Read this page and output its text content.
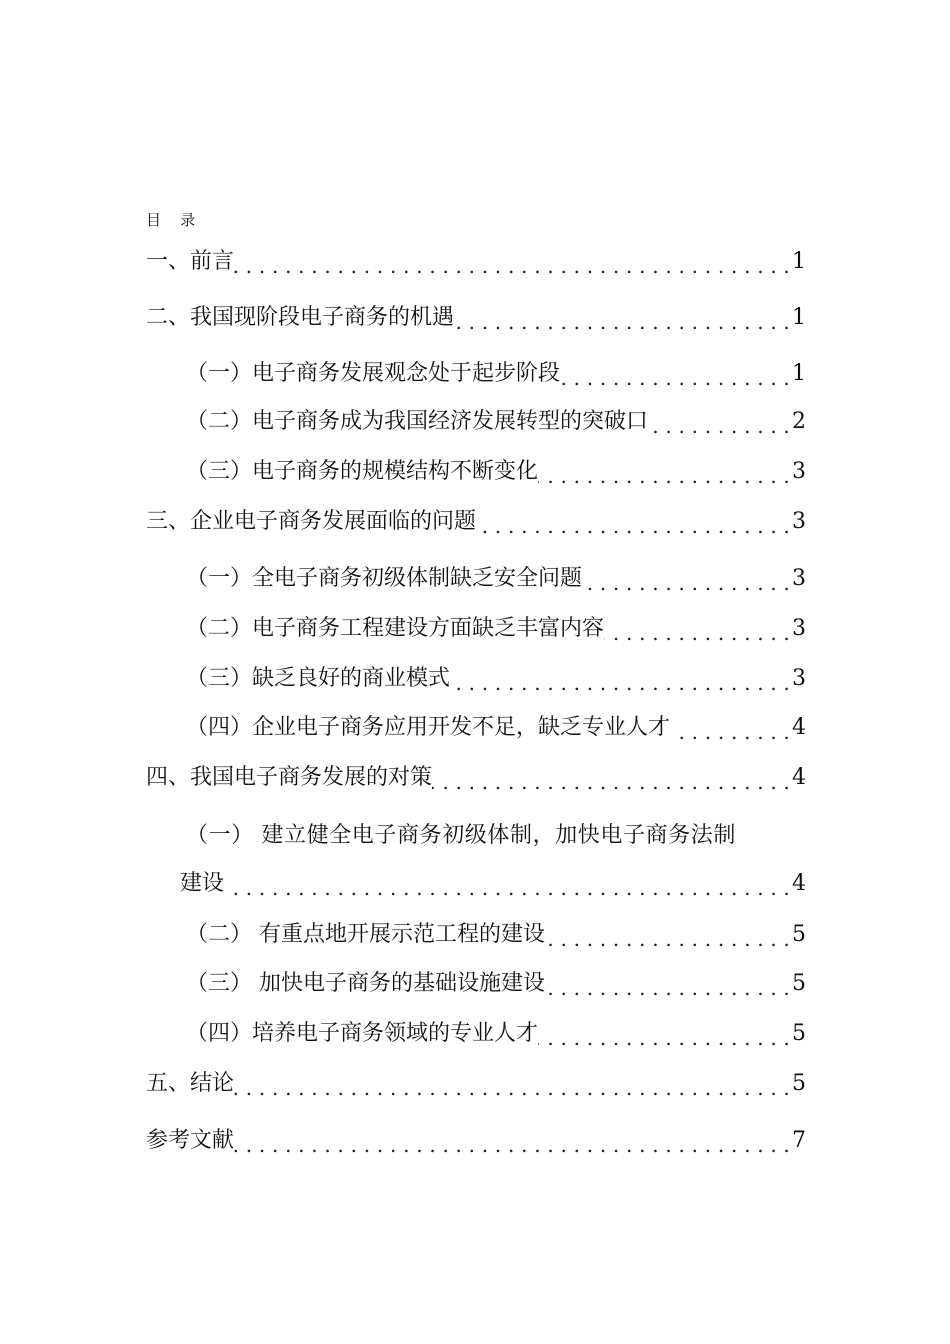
目    录
一、前言 . . .	1
二、我国现阶段电子商务的机遇 . . .	1
（一）电子商务发展观念处于起步阶段 . . .	1
（二）电子商务成为我国经济发展转型的突破口 . . .	2
（三）电子商务的规模结构不断变化 . . .	3
三、企业电子商务发展面临的问题 . . .	3
（一）全电子商务初级体制缺乏安全问题 . . .	3
（二）电子商务工程建设方面缺乏丰富内容 . . .	3
（三）缺乏良好的商业模式 . . .	3
（四）企业电子商务应用开发不足，缺乏专业人才 . . .	4
四、我国电子商务发展的对策 . . .	4
（一） 建立健全电子商务初级体制，加快电子商务法制
建设 . . .	4
（二） 有重点地开展示范工程的建设 . . .	5
（三） 加快电子商务的基础设施建设 . . .	5
（四）培养电子商务领域的专业人才 . . .	5
五、结论 . . .	5
参考文献 . . .	7
